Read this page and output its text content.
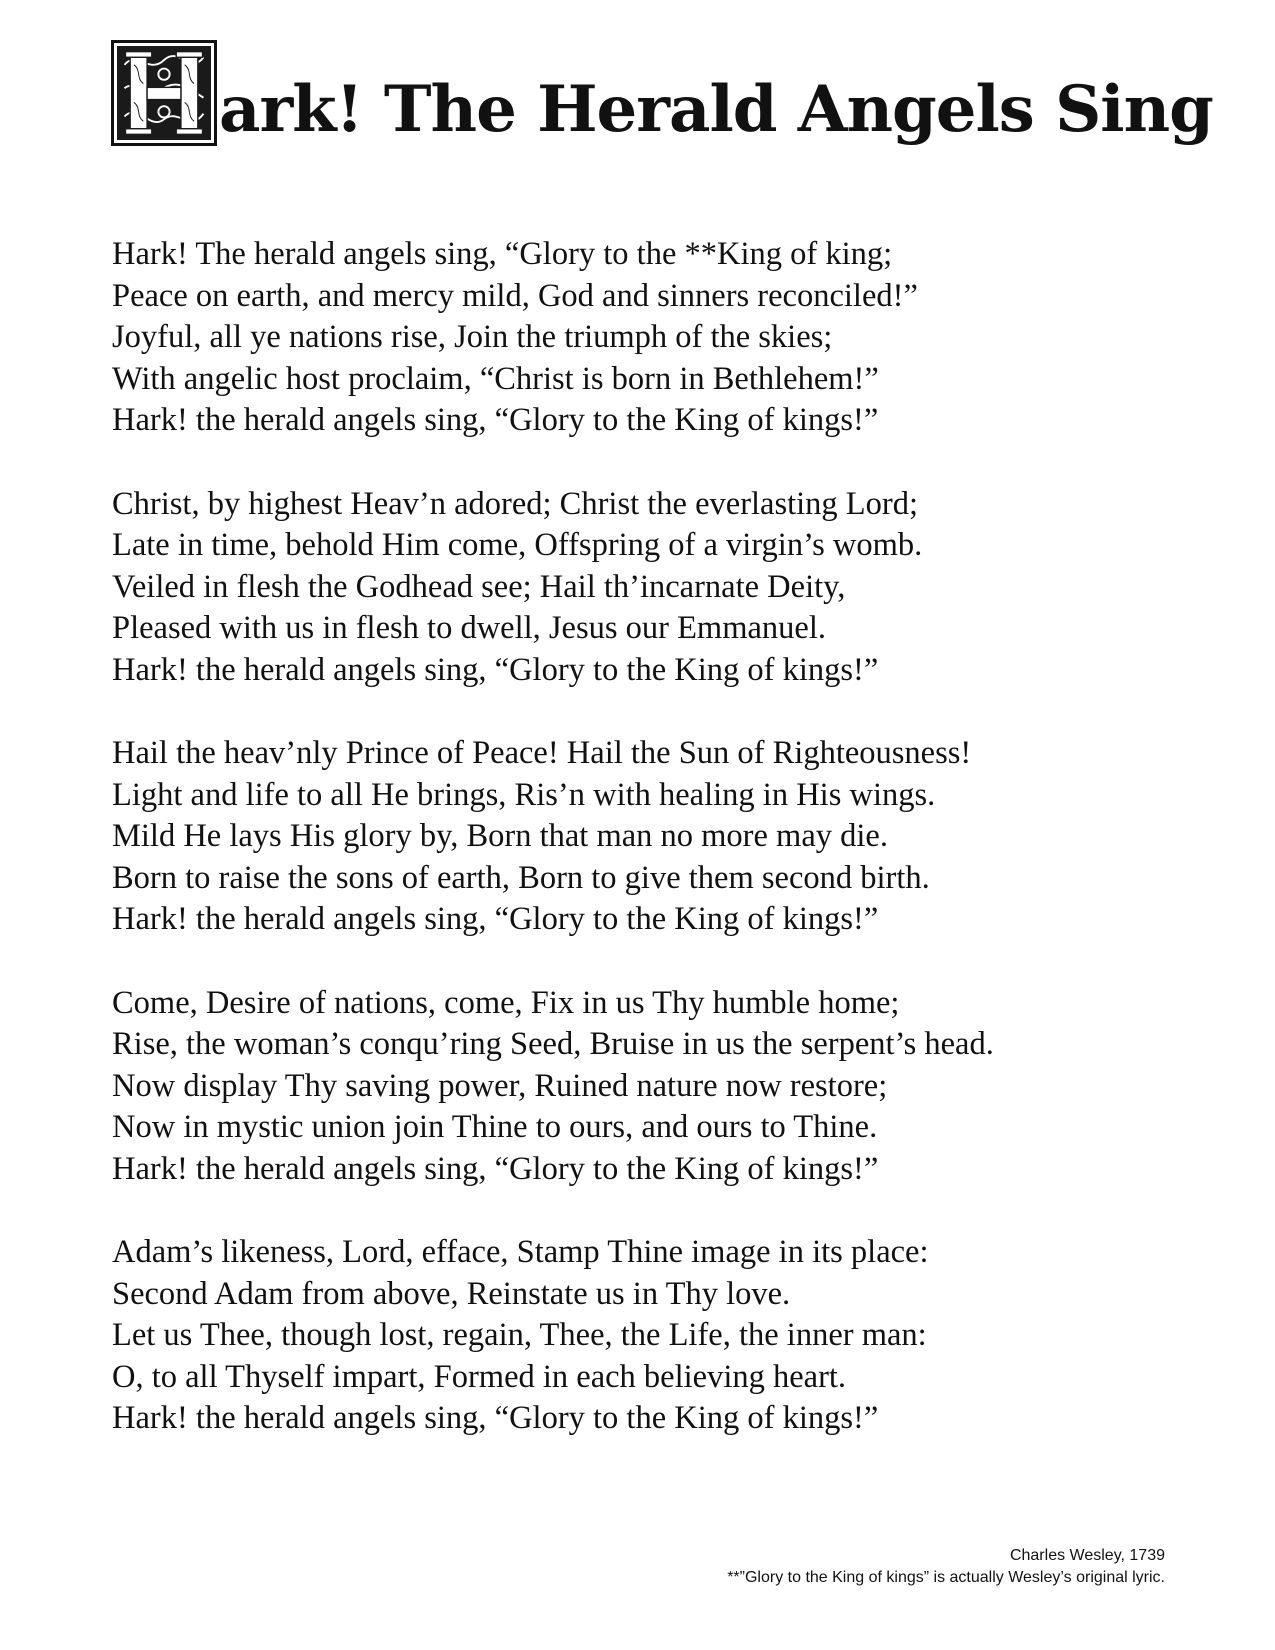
ark! The Herald Angels Sing
Hark! The herald angels sing, “Glory to the **King of king;
Peace on earth, and mercy mild, God and sinners reconciled!”
Joyful, all ye nations rise, Join the triumph of the skies;
With angelic host proclaim, “Christ is born in Bethlehem!”
Hark! the herald angels sing, “Glory to the King of kings!”
Christ, by highest Heav’n adored; Christ the everlasting Lord;
Late in time, behold Him come, Offspring of a virgin’s womb.
Veiled in flesh the Godhead see; Hail th’incarnate Deity,
Pleased with us in flesh to dwell, Jesus our Emmanuel.
Hark! the herald angels sing, “Glory to the King of kings!”
Hail the heav’nly Prince of Peace! Hail the Sun of Righteousness!
Light and life to all He brings, Ris’n with healing in His wings.
Mild He lays His glory by, Born that man no more may die.
Born to raise the sons of earth, Born to give them second birth.
Hark! the herald angels sing, “Glory to the King of kings!”
Come, Desire of nations, come, Fix in us Thy humble home;
Rise, the woman’s conqu’ring Seed, Bruise in us the serpent’s head.
Now display Thy saving power, Ruined nature now restore;
Now in mystic union join Thine to ours, and ours to Thine.
Hark! the herald angels sing, “Glory to the King of kings!”
Adam’s likeness, Lord, efface, Stamp Thine image in its place:
Second Adam from above, Reinstate us in Thy love.
Let us Thee, though lost, regain, Thee, the Life, the inner man:
O, to all Thyself impart, Formed in each believing heart.
Hark! the herald angels sing, “Glory to the King of kings!”
Charles Wesley, 1739
**”Glory to the King of kings” is actually Wesley’s original lyric.
